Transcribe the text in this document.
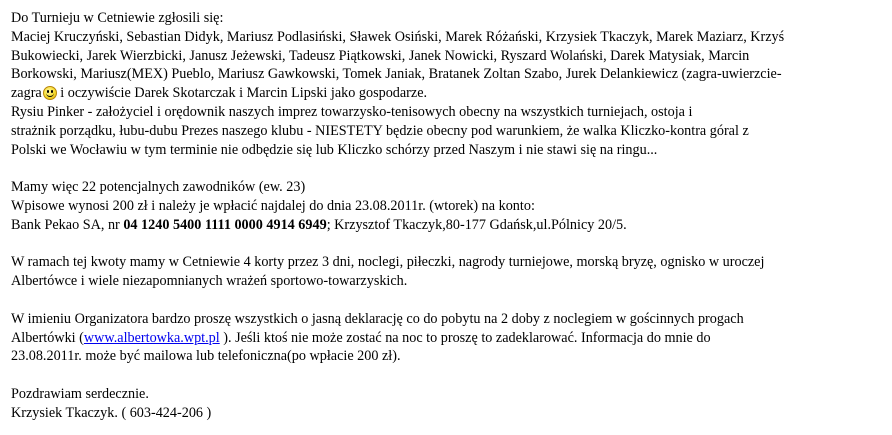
Do Turnieju w Cetniewie zgłosili się:
Maciej Kruczyński, Sebastian Didyk, Mariusz Podlasiński, Sławek Osiński, Marek Różański, Krzysiek Tkaczyk, Marek Maziarz, Krzyś
Bukowiecki, Jarek Wierzbicki, Janusz Jeżewski, Tadeusz Piątkowski, Janek Nowicki, Ryszard Wolański, Darek Matysiak, Marcin
Borkowski, Mariusz(MEX) Pueblo, Mariusz Gawkowski, Tomek Janiak, Bratanek Zoltan Szabo, Jurek Delankiewicz (zagra-uwierzcie-
zagra i oczywiście Darek Skotarczak i Marcin Lipski jako gospodarze.
Rysiu Pinker - założyciel i orędownik naszych imprez towarzysko-tenisowych obecny na wszystkich turniejach, ostoja i
strażnik porządku, łubu-dubu Prezes naszego klubu - NIESTETY będzie obecny pod warunkiem, że walka Kliczko-kontra góral z
Polski we Wocławiu w tym terminie nie odbędzie się lub Kliczko schórzy przed Naszym i nie stawi się na ringu...
Mamy więc 22 potencjalnych zawodników (ew. 23)
Wpisowe wynosi 200 zł i należy je wpłacić najdalej do dnia 23.08.2011r. (wtorek) na konto:
Bank Pekao SA, nr 04 1240 5400 1111 0000 4914 6949; Krzysztof Tkaczyk,80-177 Gdańsk,ul.Pólnicy 20/5.
W ramach tej kwoty mamy w Cetniewie 4 korty przez 3 dni, noclegi, piłeczki, nagrody turniejowe, morską bryzę, ognisko w uroczej
Albertówce i wiele niezapomnianych wrażeń sportowo-towarzyskich.
W imieniu Organizatora bardzo proszę wszystkich o jasną deklarację co do pobytu na 2 doby z noclegiem w gościnnych progach
Albertówki (www.albertowka.wpt.pl ). Jeśli ktoś nie może zostać na noc to proszę to zadeklarować. Informacja do mnie do
23.08.2011r. może być mailowa lub telefoniczna(po wpłacie 200 zł).
Pozdrawiam serdecznie.
Krzysiek Tkaczyk. ( 603-424-206 )
